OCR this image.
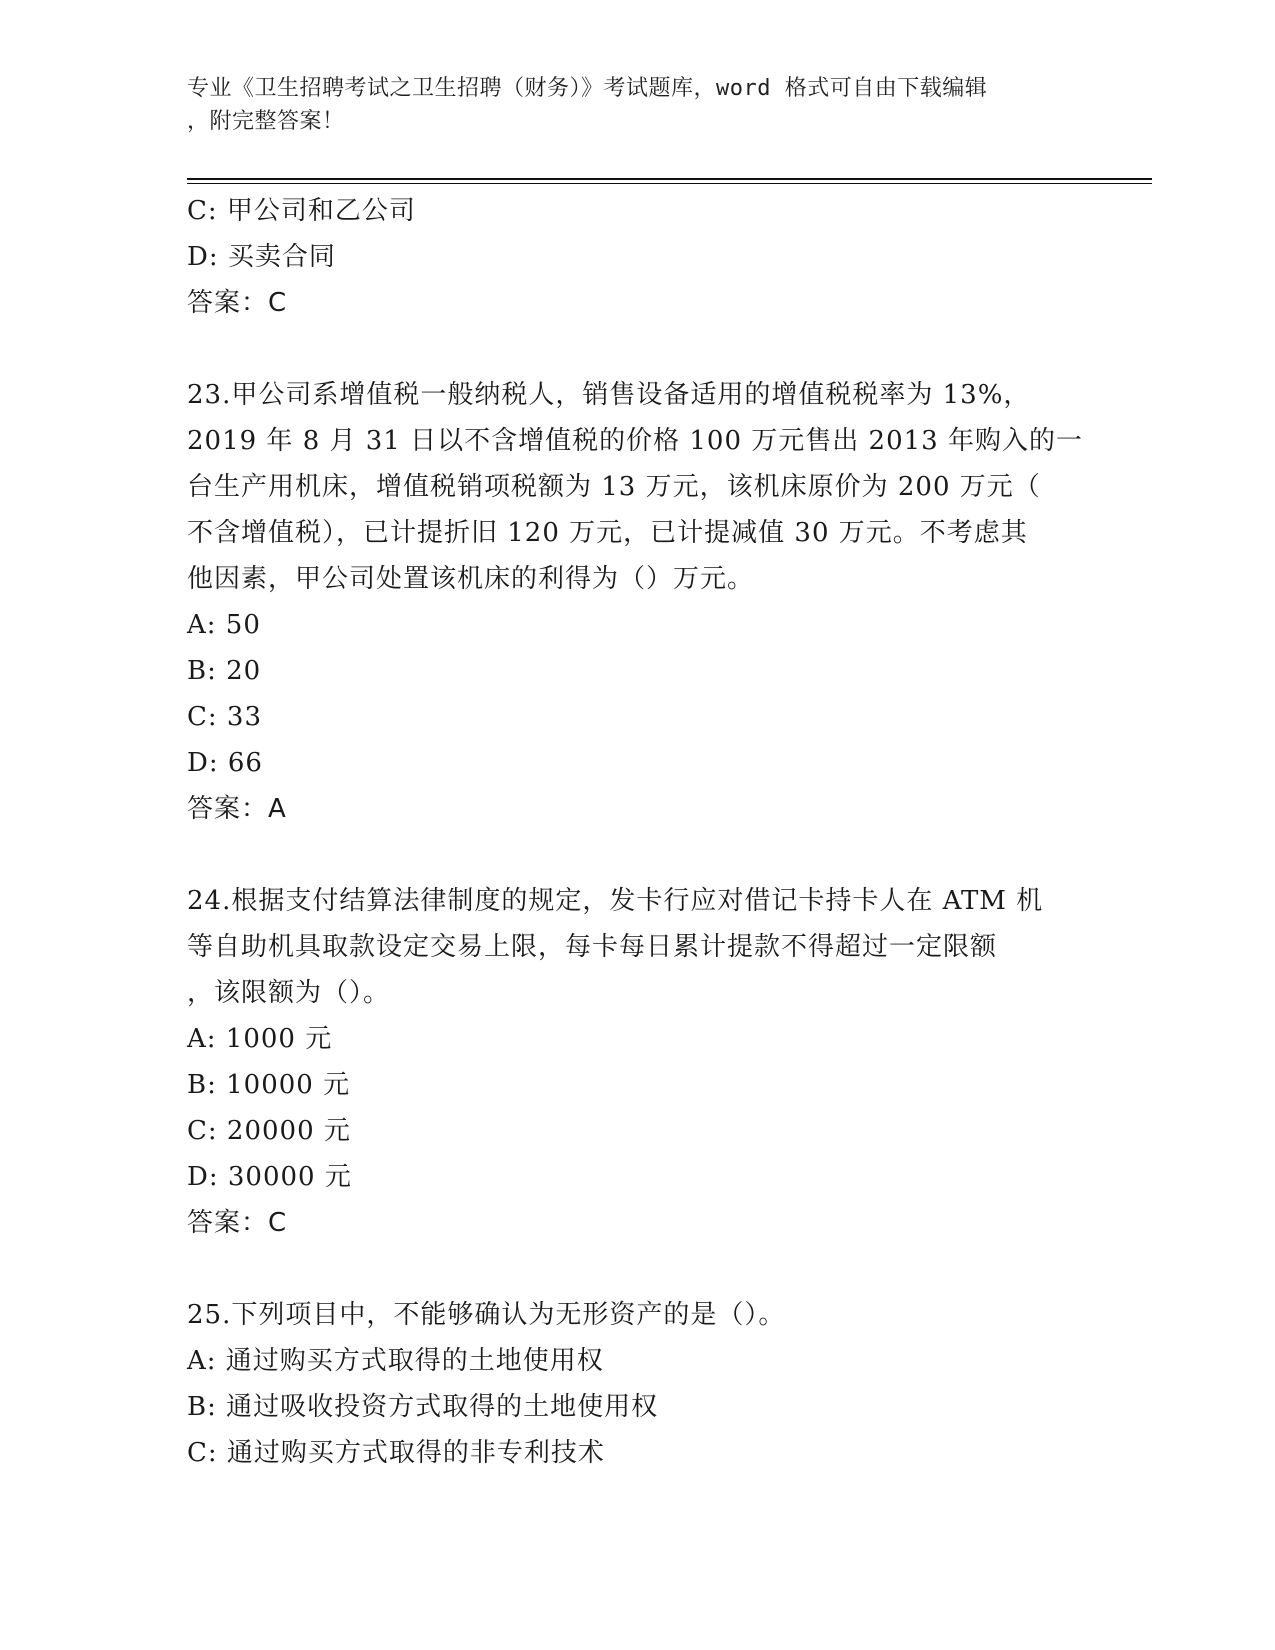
专业《卫生招聘考试之卫生招聘（财务）》考试题库，word 格式可自由下载编辑
，附完整答案！
C: 甲公司和乙公司
D: 买卖合同
答案：C
23.甲公司系增值税一般纳税人，销售设备适用的增值税税率为 13%，
2019 年 8 月 31 日以不含增值税的价格 100 万元售出 2013 年购入的一
台生产用机床，增值税销项税额为 13 万元，该机床原价为 200 万元（
不含增值税），已计提折旧 120 万元，已计提减值 30 万元。不考虑其
他因素，甲公司处置该机床的利得为（）万元。
A: 50
B: 20
C: 33
D: 66
答案：A
24.根据支付结算法律制度的规定，发卡行应对借记卡持卡人在 ATM 机
等自助机具取款设定交易上限，每卡每日累计提款不得超过一定限额
，该限额为（）。
A: 1000 元
B: 10000 元
C: 20000 元
D: 30000 元
答案：C
25.下列项目中，不能够确认为无形资产的是（）。
A: 通过购买方式取得的土地使用权
B: 通过吸收投资方式取得的土地使用权
C: 通过购买方式取得的非专利技术
